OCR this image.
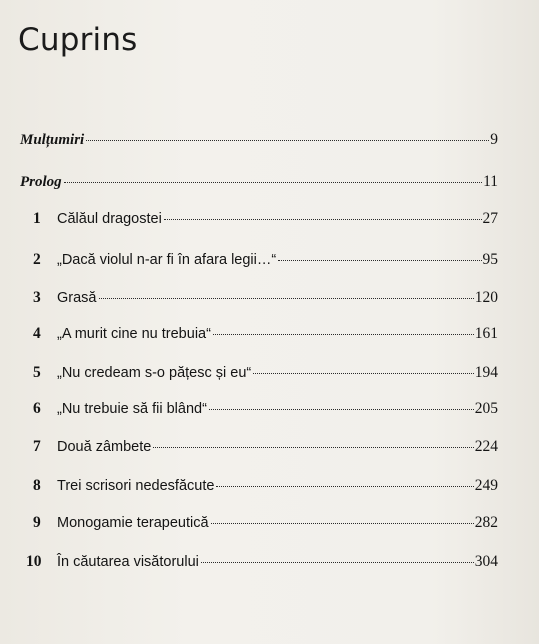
Cuprins
Mulțumiri	9
Prolog	11
1	Călăul dragostei	27
2	„Dacă violul n-ar fi în afara legii…“	95
3	Grasă	120
4	„A murit cine nu trebuia“	161
5	„Nu credeam s-o pățesc și eu“	194
6	„Nu trebuie să fii blând“	205
7	Două zâmbete	224
8	Trei scrisori nedesfăcute	249
9	Monogamie terapeutică	282
10	În căutarea visătorului	304
